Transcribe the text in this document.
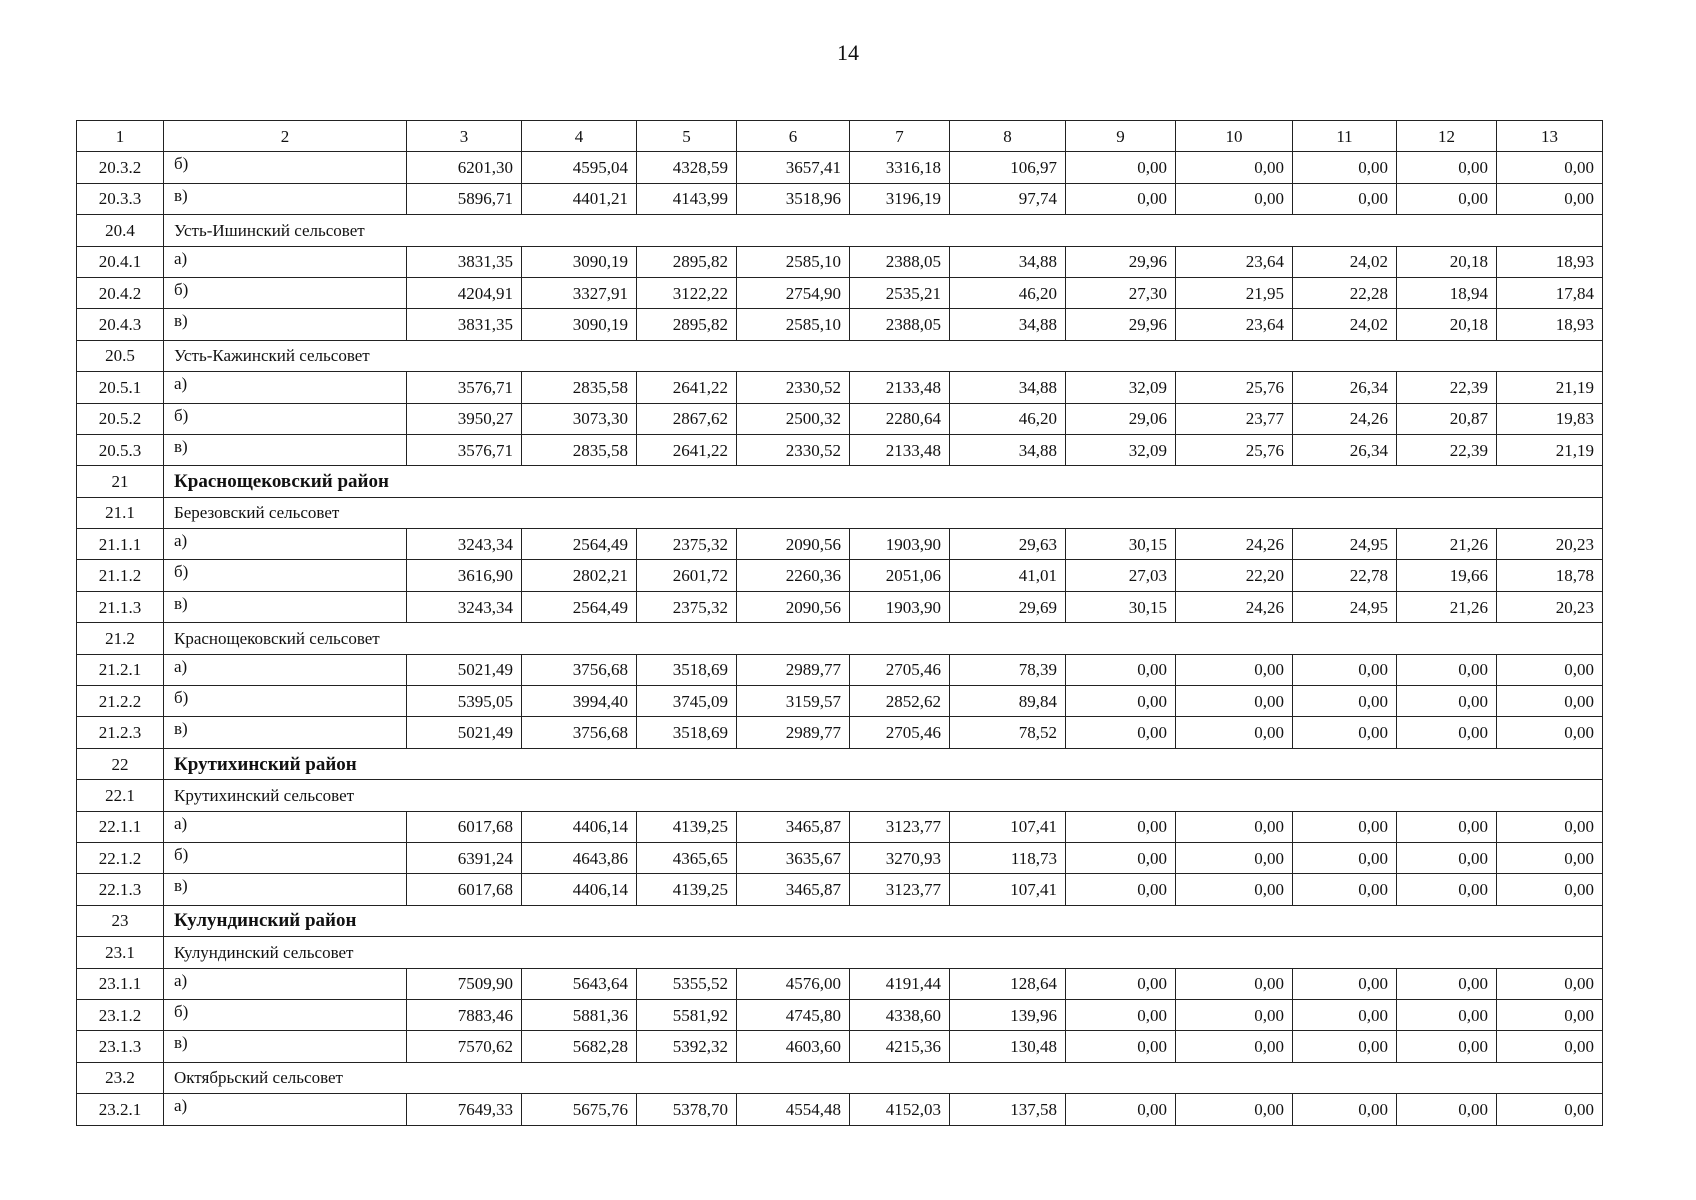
14
1	2	3	4	5	6	7	8	9	10	11	12	13
20.3.2	б)	6201,30	4595,04	4328,59	3657,41	3316,18	106,97	0,00	0,00	0,00	0,00	0,00
20.3.3	в)	5896,71	4401,21	4143,99	3518,96	3196,19	97,74	0,00	0,00	0,00	0,00	0,00
20.4	Усть-Ишинский сельсовет											
20.4.1	а)	3831,35	3090,19	2895,82	2585,10	2388,05	34,88	29,96	23,64	24,02	20,18	18,93
20.4.2	б)	4204,91	3327,91	3122,22	2754,90	2535,21	46,20	27,30	21,95	22,28	18,94	17,84
20.4.3	в)	3831,35	3090,19	2895,82	2585,10	2388,05	34,88	29,96	23,64	24,02	20,18	18,93
20.5	Усть-Кажинский сельсовет											
20.5.1	а)	3576,71	2835,58	2641,22	2330,52	2133,48	34,88	32,09	25,76	26,34	22,39	21,19
20.5.2	б)	3950,27	3073,30	2867,62	2500,32	2280,64	46,20	29,06	23,77	24,26	20,87	19,83
20.5.3	в)	3576,71	2835,58	2641,22	2330,52	2133,48	34,88	32,09	25,76	26,34	22,39	21,19
21	Краснощековский район											
21.1	Березовский сельсовет											
21.1.1	а)	3243,34	2564,49	2375,32	2090,56	1903,90	29,63	30,15	24,26	24,95	21,26	20,23
21.1.2	б)	3616,90	2802,21	2601,72	2260,36	2051,06	41,01	27,03	22,20	22,78	19,66	18,78
21.1.3	в)	3243,34	2564,49	2375,32	2090,56	1903,90	29,69	30,15	24,26	24,95	21,26	20,23
21.2	Краснощековский сельсовет											
21.2.1	а)	5021,49	3756,68	3518,69	2989,77	2705,46	78,39	0,00	0,00	0,00	0,00	0,00
21.2.2	б)	5395,05	3994,40	3745,09	3159,57	2852,62	89,84	0,00	0,00	0,00	0,00	0,00
21.2.3	в)	5021,49	3756,68	3518,69	2989,77	2705,46	78,52	0,00	0,00	0,00	0,00	0,00
22	Крутихинский район											
22.1	Крутихинский сельсовет											
22.1.1	а)	6017,68	4406,14	4139,25	3465,87	3123,77	107,41	0,00	0,00	0,00	0,00	0,00
22.1.2	б)	6391,24	4643,86	4365,65	3635,67	3270,93	118,73	0,00	0,00	0,00	0,00	0,00
22.1.3	в)	6017,68	4406,14	4139,25	3465,87	3123,77	107,41	0,00	0,00	0,00	0,00	0,00
23	Кулундинский район											
23.1	Кулундинский сельсовет											
23.1.1	а)	7509,90	5643,64	5355,52	4576,00	4191,44	128,64	0,00	0,00	0,00	0,00	0,00
23.1.2	б)	7883,46	5881,36	5581,92	4745,80	4338,60	139,96	0,00	0,00	0,00	0,00	0,00
23.1.3	в)	7570,62	5682,28	5392,32	4603,60	4215,36	130,48	0,00	0,00	0,00	0,00	0,00
23.2	Октябрьский сельсовет											
23.2.1	а)	7649,33	5675,76	5378,70	4554,48	4152,03	137,58	0,00	0,00	0,00	0,00	0,00
